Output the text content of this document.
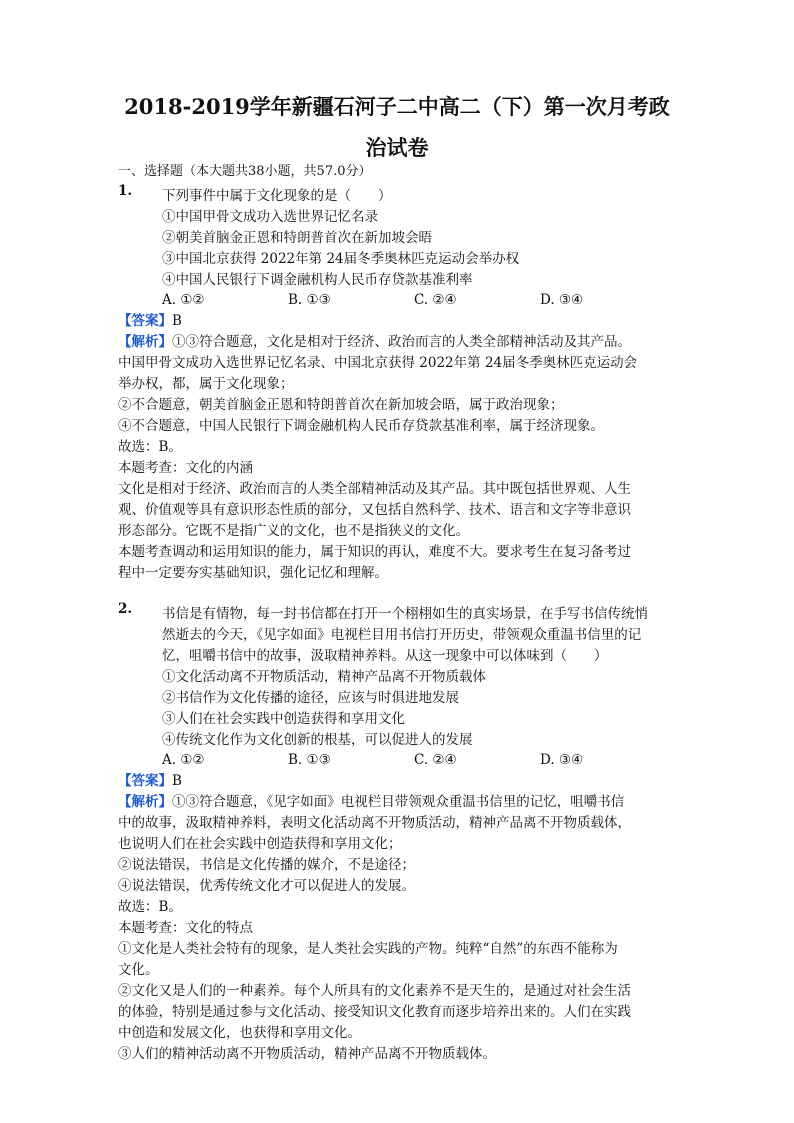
2018-2019学年新疆石河子二中高二（下）第一次月考政
治试卷
一、选择题（本大题共38小题，共57.0分）
1. 下列事件中属于文化现象的是（　　）
①中国甲骨文成功入选世界记忆名录
②朝美首脑金正恩和特朗普首次在新加坡会晤
③中国北京获得 2022年第 24届冬季奥林匹克运动会举办权
④中国人民银行下调金融机构人民币存贷款基准利率
A. ①②	B. ①③	C. ②④	D. ③④
【答案】B
【解析】①③符合题意，文化是相对于经济、政治而言的人类全部精神活动及其产品。
中国甲骨文成功入选世界记忆名录、中国北京获得 2022年第 24届冬季奥林匹克运动会
举办权，都，属于文化现象；
②不合题意，朝美首脑金正恩和特朗普首次在新加坡会晤，属于政治现象；
④不合题意，中国人民银行下调金融机构人民币存贷款基准利率，属于经济现象。
故选：B。
本题考查：文化的内涵
文化是相对于经济、政治而言的人类全部精神活动及其产品。其中既包括世界观、人生
观、价值观等具有意识形态性质的部分，又包括自然科学、技术、语言和文字等非意识
形态部分。它既不是指广义的文化，也不是指狭义的文化。
本题考查调动和运用知识的能力，属于知识的再认，难度不大。要求考生在复习备考过
程中一定要夯实基础知识，强化记忆和理解。
2. 书信是有情物，每一封书信都在打开一个栩栩如生的真实场景，在手写书信传统悄
然逝去的今天，《见字如面》电视栏目用书信打开历史，带领观众重温书信里的记
忆，咀嚼书信中的故事，汲取精神养料。从这一现象中可以体味到（　　）
①文化活动离不开物质活动，精神产品离不开物质载体
②书信作为文化传播的途径，应该与时俱进地发展
③人们在社会实践中创造获得和享用文化
④传统文化作为文化创新的根基，可以促进人的发展
A. ①②	B. ①③	C. ②④	D. ③④
【答案】B
【解析】①③符合题意，《见字如面》电视栏目带领观众重温书信里的记忆，咀嚼书信
中的故事，汲取精神养料，表明文化活动离不开物质活动，精神产品离不开物质载体，
也说明人们在社会实践中创造获得和享用文化；
②说法错误，书信是文化传播的媒介，不是途径；
④说法错误，优秀传统文化才可以促进人的发展。
故选：B。
本题考查：文化的特点
①文化是人类社会特有的现象，是人类社会实践的产物。纯粹“自然”的东西不能称为
文化。
②文化又是人们的一种素养。每个人所具有的文化素养不是天生的，是通过对社会生活
的体验，特别是通过参与文化活动、接受知识文化教育而逐步培养出来的。人们在实践
中创造和发展文化，也获得和享用文化。
③人们的精神活动离不开物质活动，精神产品离不开物质载体。
